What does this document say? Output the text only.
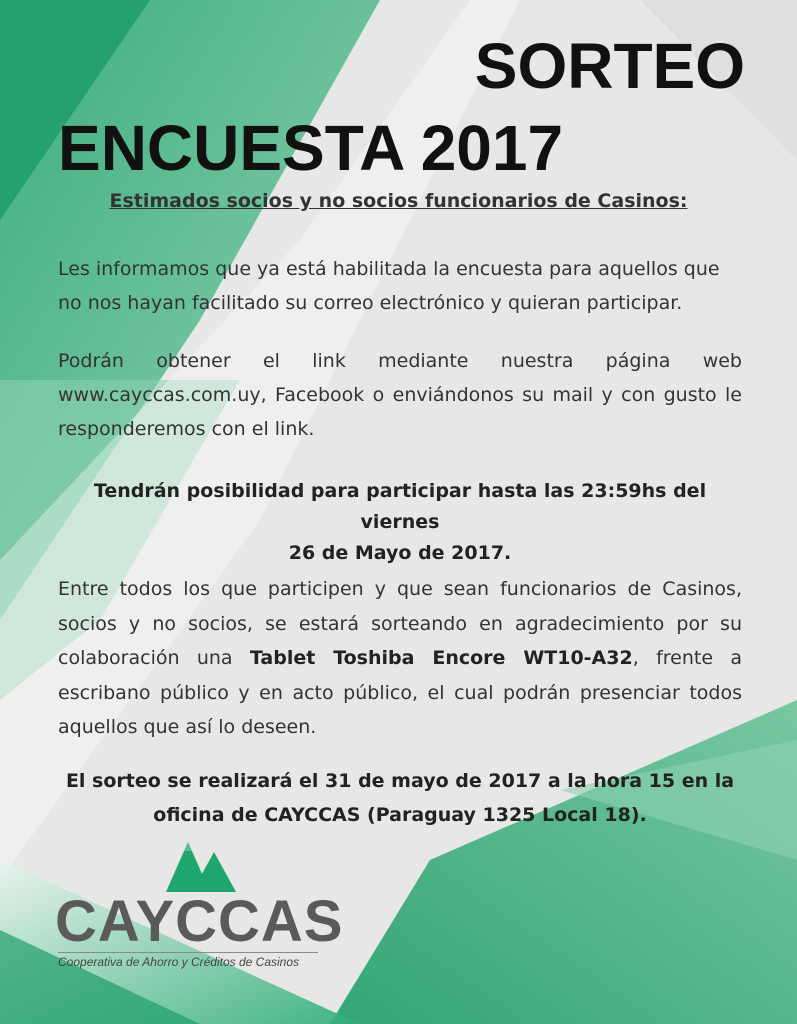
SORTEO
ENCUESTA 2017
Estimados socios y no socios funcionarios de Casinos:
Les informamos que ya está habilitada la encuesta para aquellos que no nos hayan facilitado su correo electrónico y quieran participar.
Podrán obtener el link mediante nuestra página web www.cayccas.com.uy, Facebook o enviándonos su mail y con gusto le responderemos con el link.
Tendrán posibilidad para participar hasta las 23:59hs del viernes
26 de Mayo de 2017.
Entre todos los que participen y que sean funcionarios de Casinos, socios y no socios, se estará sorteando en agradecimiento por su colaboración una Tablet Toshiba Encore WT10-A32, frente a escribano público y en acto público, el cual podrán presenciar todos aquellos que así lo deseen.
El sorteo se realizará el 31 de mayo de 2017 a la hora 15 en la
oficina de CAYCCAS (Paraguay 1325 Local 18).
CAYCCAS
Cooperativa de Ahorro y Créditos de Casinos
